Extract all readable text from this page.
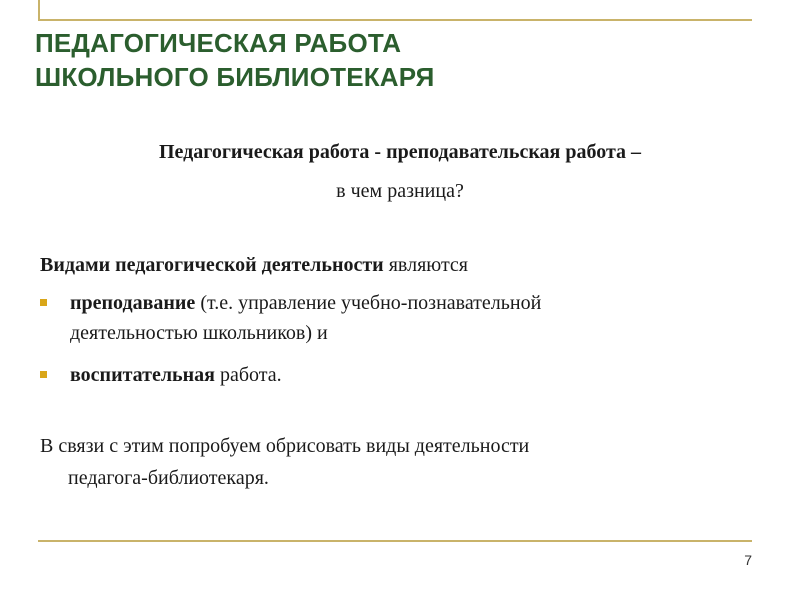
ПЕДАГОГИЧЕСКАЯ РАБОТА
ШКОЛЬНОГО БИБЛИОТЕКАРЯ
Педагогическая работа - преподавательская работа –
в чем разница?
Видами педагогической деятельности являются
преподавание (т.е. управление учебно-познавательной
деятельностью школьников) и
воспитательная работа.
В связи с этим попробуем обрисовать виды деятельности
педагога-библиотекаря.
7
